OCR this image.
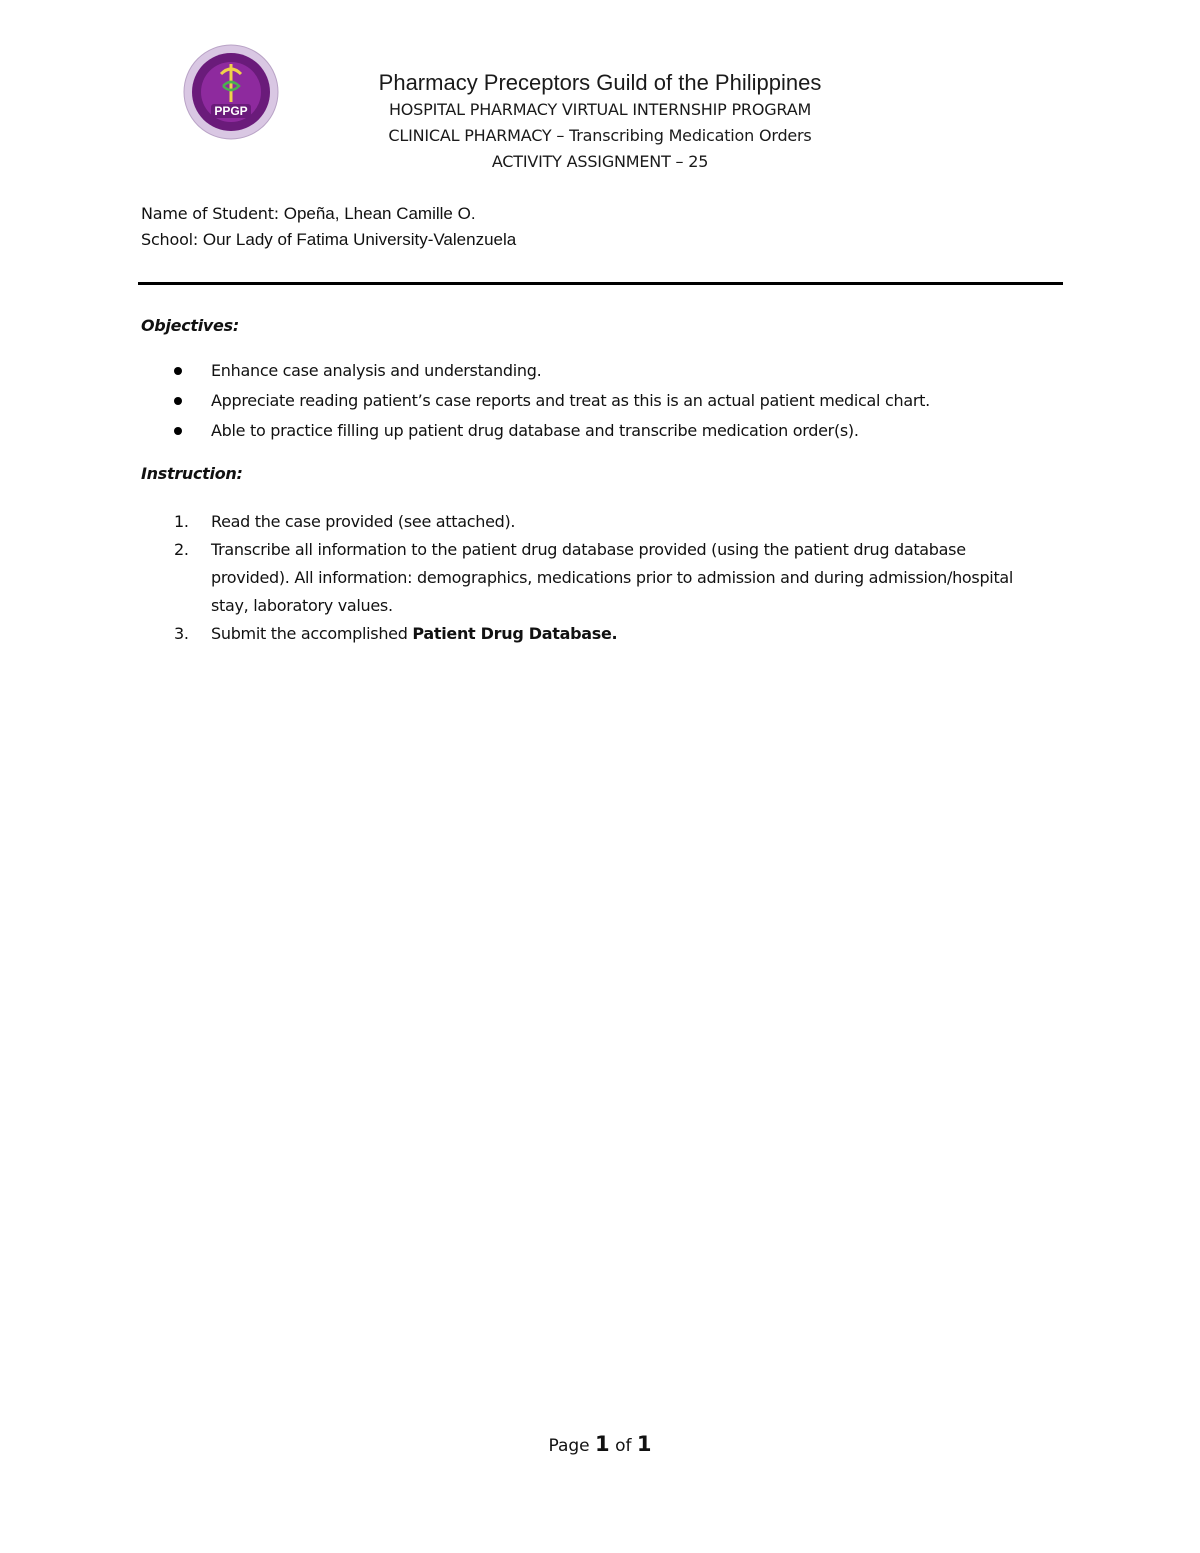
PPGP
Pharmacy Preceptors Guild of the Philippines
HOSPITAL PHARMACY VIRTUAL INTERNSHIP PROGRAM
CLINICAL PHARMACY – Transcribing Medication Orders
ACTIVITY ASSIGNMENT – 25
Name of Student: Opeña, Lhean Camille O.
School: Our Lady of Fatima University-Valenzuela
Objectives:
Enhance case analysis and understanding.
Appreciate reading patient’s case reports and treat as this is an actual patient medical chart.
Able to practice filling up patient drug database and transcribe medication order(s).
Instruction:
1. Read the case provided (see attached).
2. Transcribe all information to the patient drug database provided (using the patient drug database provided). All information: demographics, medications prior to admission and during admission/hospital stay, laboratory values.
3. Submit the accomplished Patient Drug Database.
Page 1 of 1
